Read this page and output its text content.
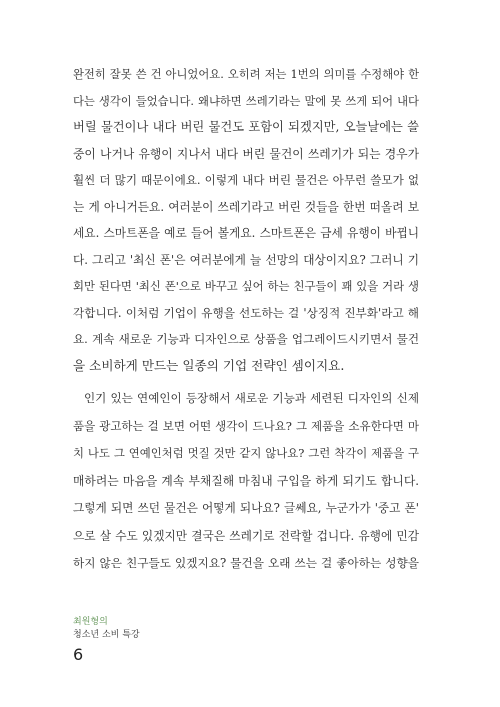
완전히 잘못 쓴 건 아니었어요. 오히려 저는 1번의 의미를 수정해야 한
다는 생각이 들었습니다. 왜냐하면 쓰레기라는 말에 못 쓰게 되어 내다
버릴 물건이나 내다 버린 물건도 포함이 되겠지만, 오늘날에는 쓸
중이 나거나 유행이 지나서 내다 버린 물건이 쓰레기가 되는 경우가
훨씬 더 많기 때문이에요. 이렇게 내다 버린 물건은 아무런 쓸모가 없
는 게 아니거든요. 여러분이 쓰레기라고 버린 것들을 한번 떠올려 보
세요. 스마트폰을 예로 들어 볼게요. 스마트폰은 금세 유행이 바뀝니
다. 그리고 '최신 폰'은 여러분에게 늘 선망의 대상이지요? 그러니 기
회만 된다면 '최신 폰'으로 바꾸고 싶어 하는 친구들이 꽤 있을 거라 생
각합니다. 이처럼 기업이 유행을 선도하는 걸 '상징적 진부화'라고 해
요. 계속 새로운 기능과 디자인으로 상품을 업그레이드시키면서 물건
을 소비하게 만드는 일종의 기업 전략인 셈이지요.
인기 있는 연예인이 등장해서 새로운 기능과 세련된 디자인의 신제
품을 광고하는 걸 보면 어떤 생각이 드나요? 그 제품을 소유한다면 마
치 나도 그 연예인처럼 멋질 것만 같지 않나요? 그런 착각이 제품을 구
매하려는 마음을 계속 부채질해 마침내 구입을 하게 되기도 합니다.
그렇게 되면 쓰던 물건은 어떻게 되나요? 글쎄요, 누군가가 '중고 폰'
으로 살 수도 있겠지만 결국은 쓰레기로 전락할 겁니다. 유행에 민감
하지 않은 친구들도 있겠지요? 물건을 오래 쓰는 걸 좋아하는 성향을
최원형의
청소년 소비 특강
6
